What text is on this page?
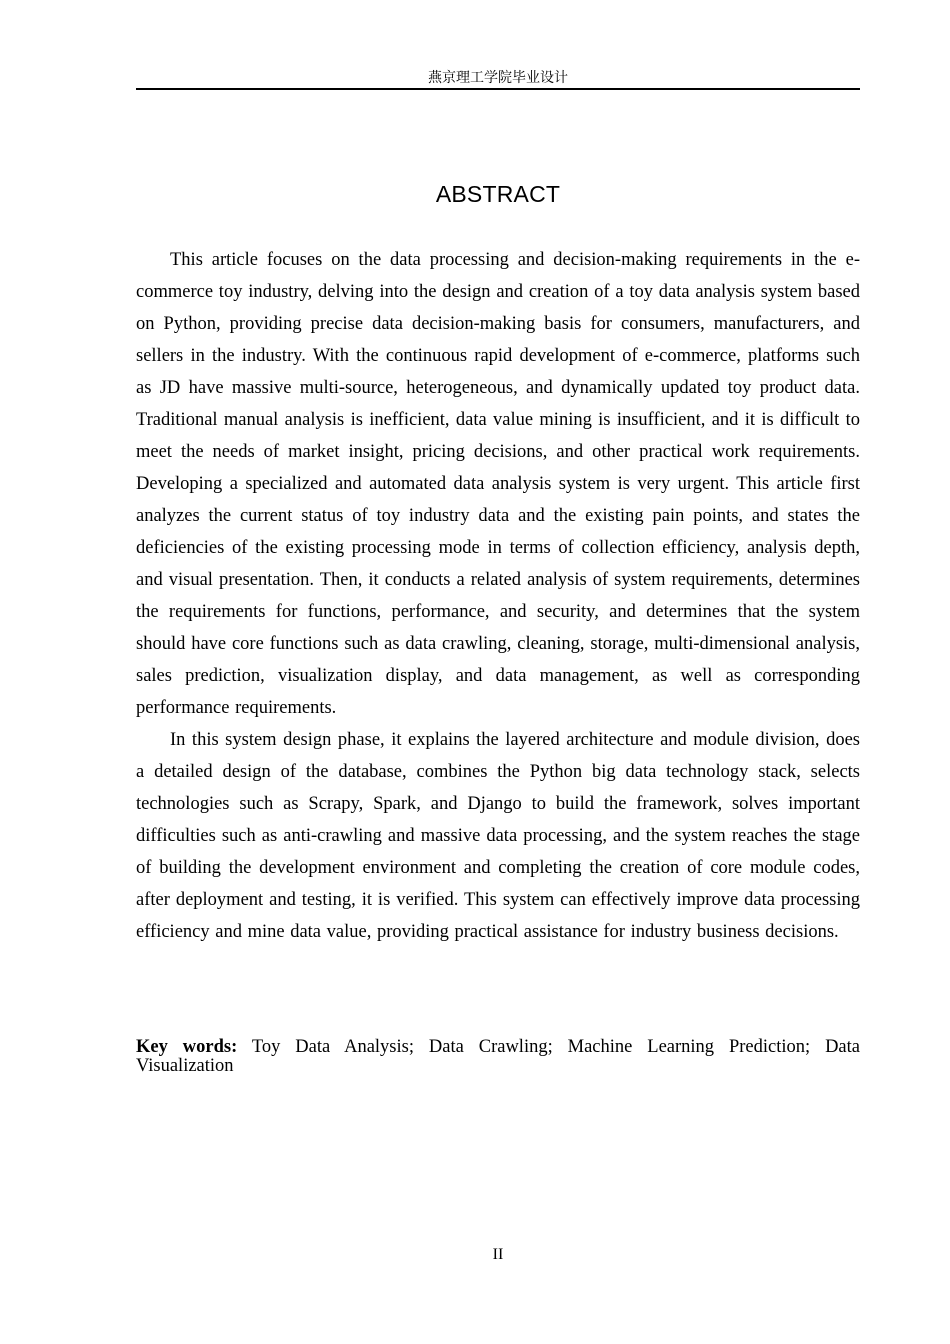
燕京理工学院毕业设计
ABSTRACT

This article focuses on the data processing and decision-making requirements in the e-commerce toy industry, delving into the design and creation of a toy data analysis system based on Python, providing precise data decision-making basis for consumers, manufacturers, and sellers in the industry. With the continuous rapid development of e-commerce, platforms such as JD have massive multi-source, heterogeneous, and dynamically updated toy product data. Traditional manual analysis is inefficient, data value mining is insufficient, and it is difficult to meet the needs of market insight, pricing decisions, and other practical work requirements. Developing a specialized and automated data analysis system is very urgent. This article first analyzes the current status of toy industry data and the existing pain points, and states the deficiencies of the existing processing mode in terms of collection efficiency, analysis depth, and visual presentation. Then, it conducts a related analysis of system requirements, determines the requirements for functions, performance, and security, and determines that the system should have core functions such as data crawling, cleaning, storage, multi-dimensional analysis, sales prediction, visualization display, and data management, as well as corresponding performance requirements.

In this system design phase, it explains the layered architecture and module division, does a detailed design of the database, combines the Python big data technology stack, selects technologies such as Scrapy, Spark, and Django to build the framework, solves important difficulties such as anti-crawling and massive data processing, and the system reaches the stage of building the development environment and completing the creation of core module codes, after deployment and testing, it is verified. This system can effectively improve data processing efficiency and mine data value, providing practical assistance for industry business decisions.

Key words: Toy Data Analysis; Data Crawling; Machine Learning Prediction; Data Visualization
II
